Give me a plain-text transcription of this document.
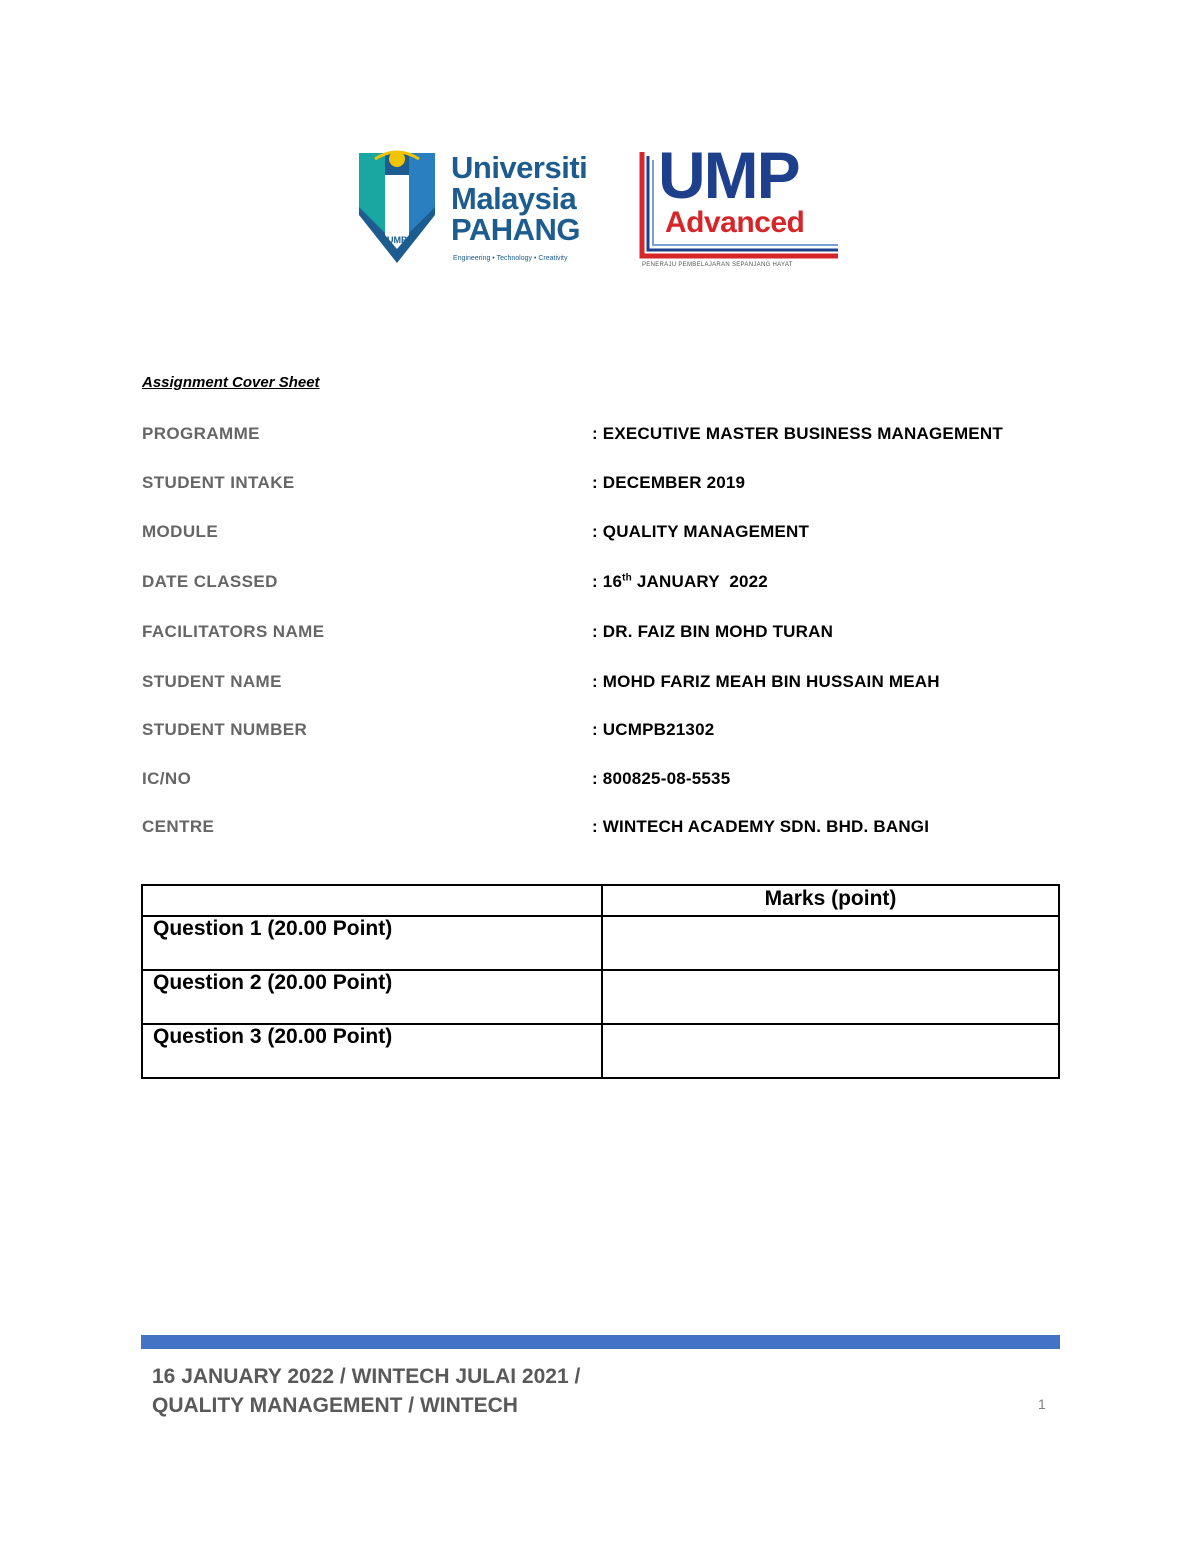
UMP
Universiti
Malaysia
PAHANG
Engineering • Technology • Creativity
UMP
Advanced
PENERAJU PEMBELAJARAN SEPANJANG HAYAT
Assignment Cover Sheet
PROGRAMME	: EXECUTIVE MASTER BUSINESS MANAGEMENT
STUDENT INTAKE	: DECEMBER 2019
MODULE	: QUALITY MANAGEMENT
DATE CLASSED	: 16th JANUARY  2022
FACILITATORS NAME	: DR. FAIZ BIN MOHD TURAN
STUDENT NAME	: MOHD FARIZ MEAH BIN HUSSAIN MEAH
STUDENT NUMBER	: UCMPB21302
IC/NO	: 800825-08-5535
CENTRE	: WINTECH ACADEMY SDN. BHD. BANGI
	Marks (point)
Question 1 (20.00 Point)	
Question 2 (20.00 Point)	
Question 3 (20.00 Point)	
16 JANUARY 2022 / WINTECH JULAI 2021 / QUALITY MANAGEMENT / WINTECH	1
